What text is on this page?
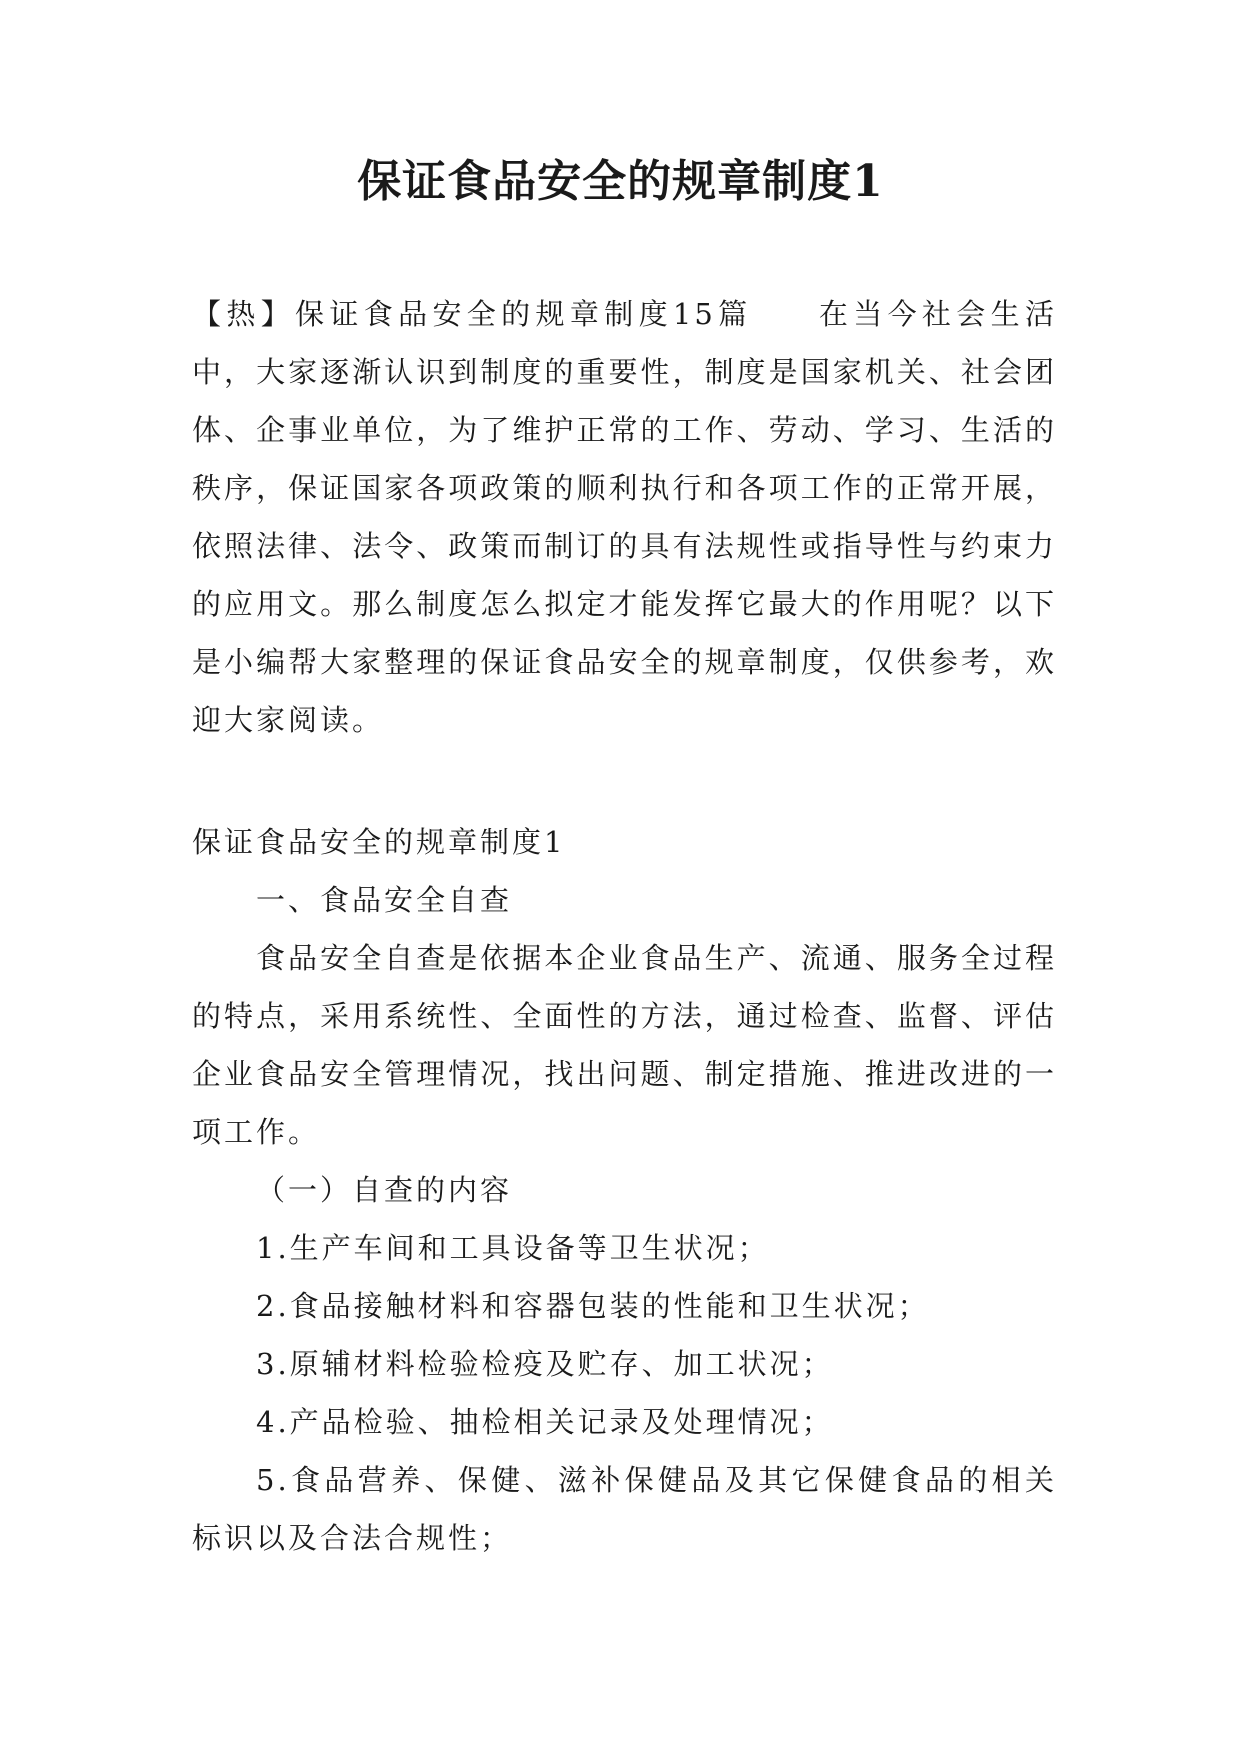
保证食品安全的规章制度1
【热】保证食品安全的规章制度15篇 在当今社会生活中，大家逐渐认识到制度的重要性，制度是国家机关、社会团体、企事业单位，为了维护正常的工作、劳动、学习、生活的秩序，保证国家各项政策的顺利执行和各项工作的正常开展，依照法律、法令、政策而制订的具有法规性或指导性与约束力的应用文。那么制度怎么拟定才能发挥它最大的作用呢？以下是小编帮大家整理的保证食品安全的规章制度，仅供参考，欢迎大家阅读。
保证食品安全的规章制度1
一、食品安全自查
食品安全自查是依据本企业食品生产、流通、服务全过程的特点，采用系统性、全面性的方法，通过检查、监督、评估企业食品安全管理情况，找出问题、制定措施、推进改进的一项工作。
（一）自查的内容
1.生产车间和工具设备等卫生状况；
2.食品接触材料和容器包装的性能和卫生状况；
3.原辅材料检验检疫及贮存、加工状况；
4.产品检验、抽检相关记录及处理情况；
5.食品营养、保健、滋补保健品及其它保健食品的相关标识以及合法合规性；
